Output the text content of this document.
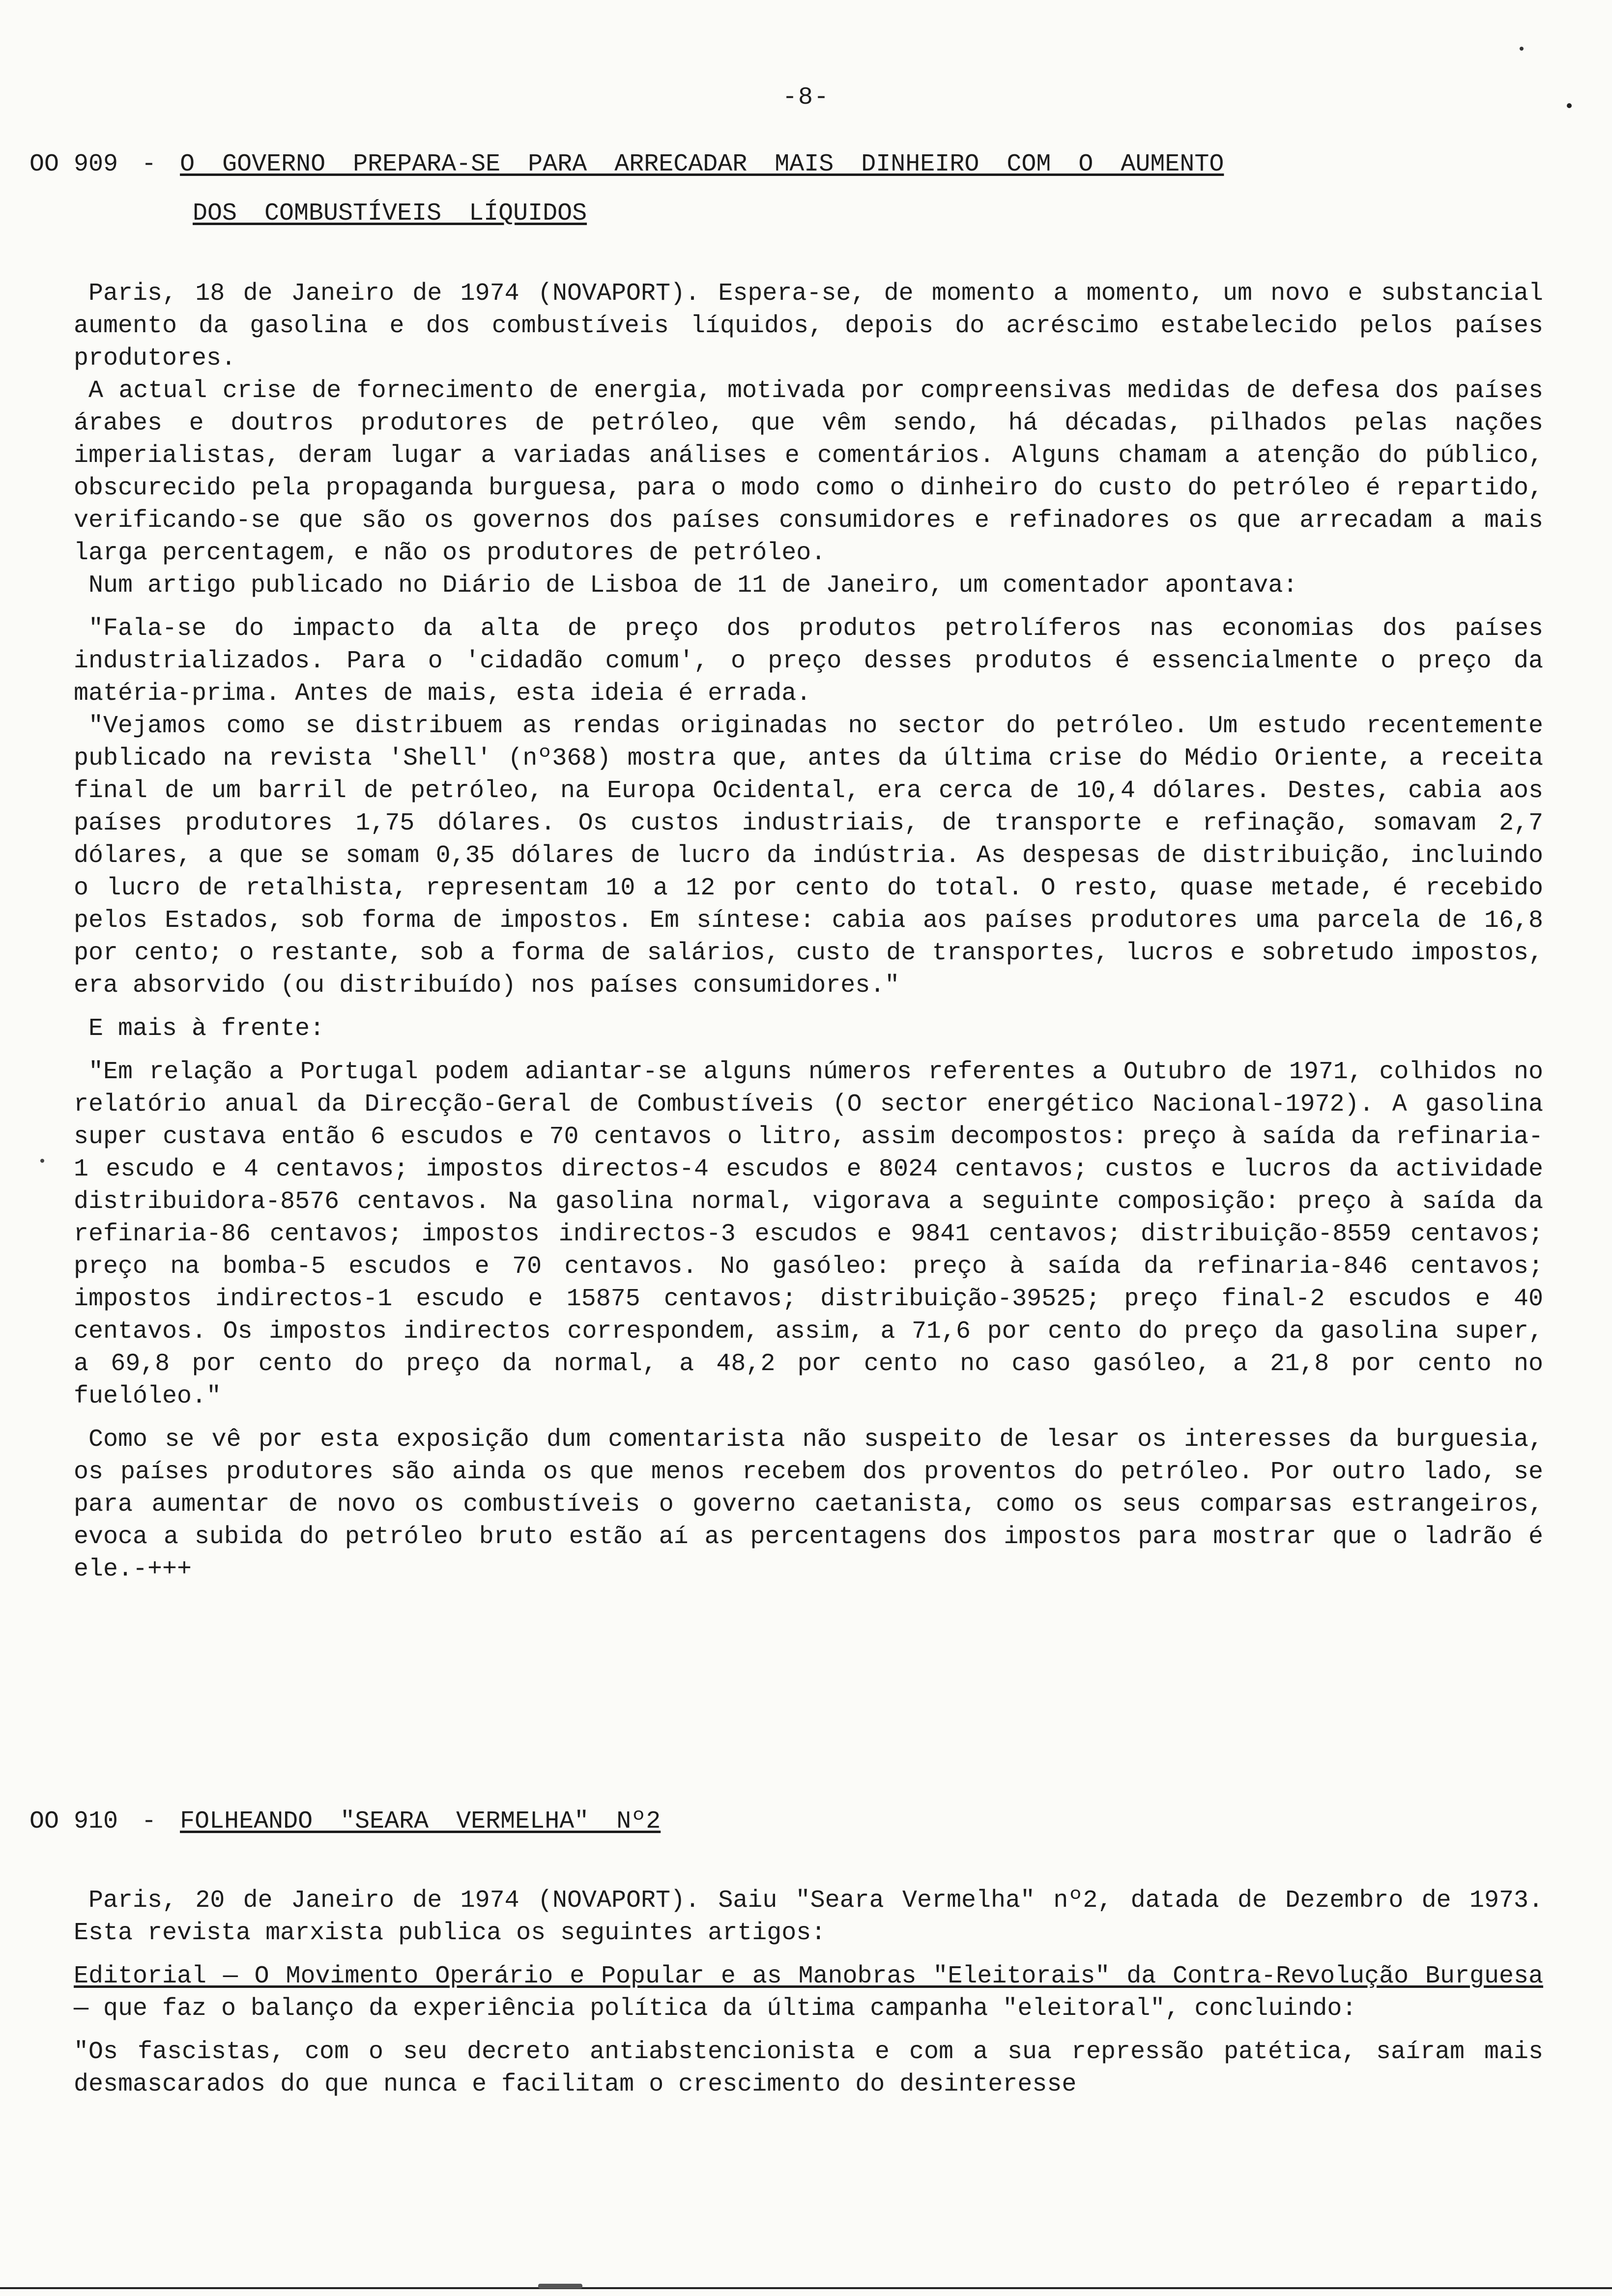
-8-
OO 909 - O GOVERNO PREPARA-SE PARA ARRECADAR MAIS DINHEIRO COM O AUMENTO
DOS COMBUSTÍVEIS LÍQUIDOS

Paris, 18 de Janeiro de 1974 (NOVAPORT). Espera-se, de momento a momento, um novo e substancial aumento da gasolina e dos combustíveis líquidos, depois do acréscimo estabelecido pelos países produtores.

A actual crise de fornecimento de energia, motivada por compreensivas medidas de defesa dos países árabes e doutros produtores de petróleo, que vêm sendo, há décadas, pilhados pelas nações imperialistas, deram lugar a variadas análises e comentários. Alguns chamam a atenção do público, obscurecido pela propaganda burguesa, para o modo como o dinheiro do custo do petróleo é repartido, verificando-se que são os governos dos países consumidores e refinadores os que arrecadam a mais larga percentagem, e não os produtores de petróleo.

Num artigo publicado no Diário de Lisboa de 11 de Janeiro, um comentador apontava:

"Fala-se do impacto da alta de preço dos produtos petrolíferos nas economias dos países industrializados. Para o 'cidadão comum', o preço desses produtos é essencialmente o preço da matéria-prima. Antes de mais, esta ideia é errada.

"Vejamos como se distribuem as rendas originadas no sector do petróleo. Um estudo recentemente publicado na revista 'Shell' (nº368) mostra que, antes da última crise do Médio Oriente, a receita final de um barril de petróleo, na Europa Ocidental, era cerca de 10,4 dólares. Destes, cabia aos países produtores 1,75 dólares. Os custos industriais, de transporte e refinação, somavam 2,7 dólares, a que se somam 0,35 dólares de lucro da indústria. As despesas de distribuição, incluindo o lucro de retalhista, representam 10 a 12 por cento do total. O resto, quase metade, é recebido pelos Estados, sob forma de impostos. Em síntese: cabia aos países produtores uma parcela de 16,8 por cento; o restante, sob a forma de salários, custo de transportes, lucros e sobretudo impostos, era absorvido (ou distribuído) nos países consumidores."

E mais à frente:

"Em relação a Portugal podem adiantar-se alguns números referentes a Outubro de 1971, colhidos no relatório anual da Direcção-Geral de Combustíveis (O sector energético Nacional-1972). A gasolina super custava então 6 escudos e 70 centavos o litro, assim decompostos: preço à saída da refinaria-1 escudo e 4 centavos; impostos directos-4 escudos e 8024 centavos; custos e lucros da actividade distribuidora-8576 centavos. Na gasolina normal, vigorava a seguinte composição: preço à saída da refinaria-86 centavos; impostos indirectos-3 escudos e 9841 centavos; distribuição-8559 centavos; preço na bomba-5 escudos e 70 centavos. No gasóleo: preço à saída da refinaria-846 centavos; impostos indirectos-1 escudo e 15875 centavos; distribuição-39525; preço final-2 escudos e 40 centavos. Os impostos indirectos correspondem, assim, a 71,6 por cento do preço da gasolina super, a 69,8 por cento do preço da normal, a 48,2 por cento no caso gasóleo, a 21,8 por cento no fuelóleo."

Como se vê por esta exposição dum comentarista não suspeito de lesar os interesses da burguesia, os países produtores são ainda os que menos recebem dos proventos do petróleo. Por outro lado, se para aumentar de novo os combustíveis o governo caetanista, como os seus comparsas estrangeiros, evoca a subida do petróleo bruto estão aí as percentagens dos impostos para mostrar que o ladrão é ele.-+++

OO 910 - FOLHEANDO "SEARA VERMELHA" Nº2

Paris, 20 de Janeiro de 1974 (NOVAPORT). Saiu "Seara Vermelha" nº2, datada de Dezembro de 1973. Esta revista marxista publica os seguintes artigos:

Editorial — O Movimento Operário e Popular e as Manobras "Eleitorais" da Contra-Revolução Burguesa — que faz o balanço da experiência política da última campanha "eleitoral", concluindo:

"Os fascistas, com o seu decreto antiabstencionista e com a sua repressão patética, saíram mais desmascarados do que nunca e facilitam o crescimento do desinteresse
